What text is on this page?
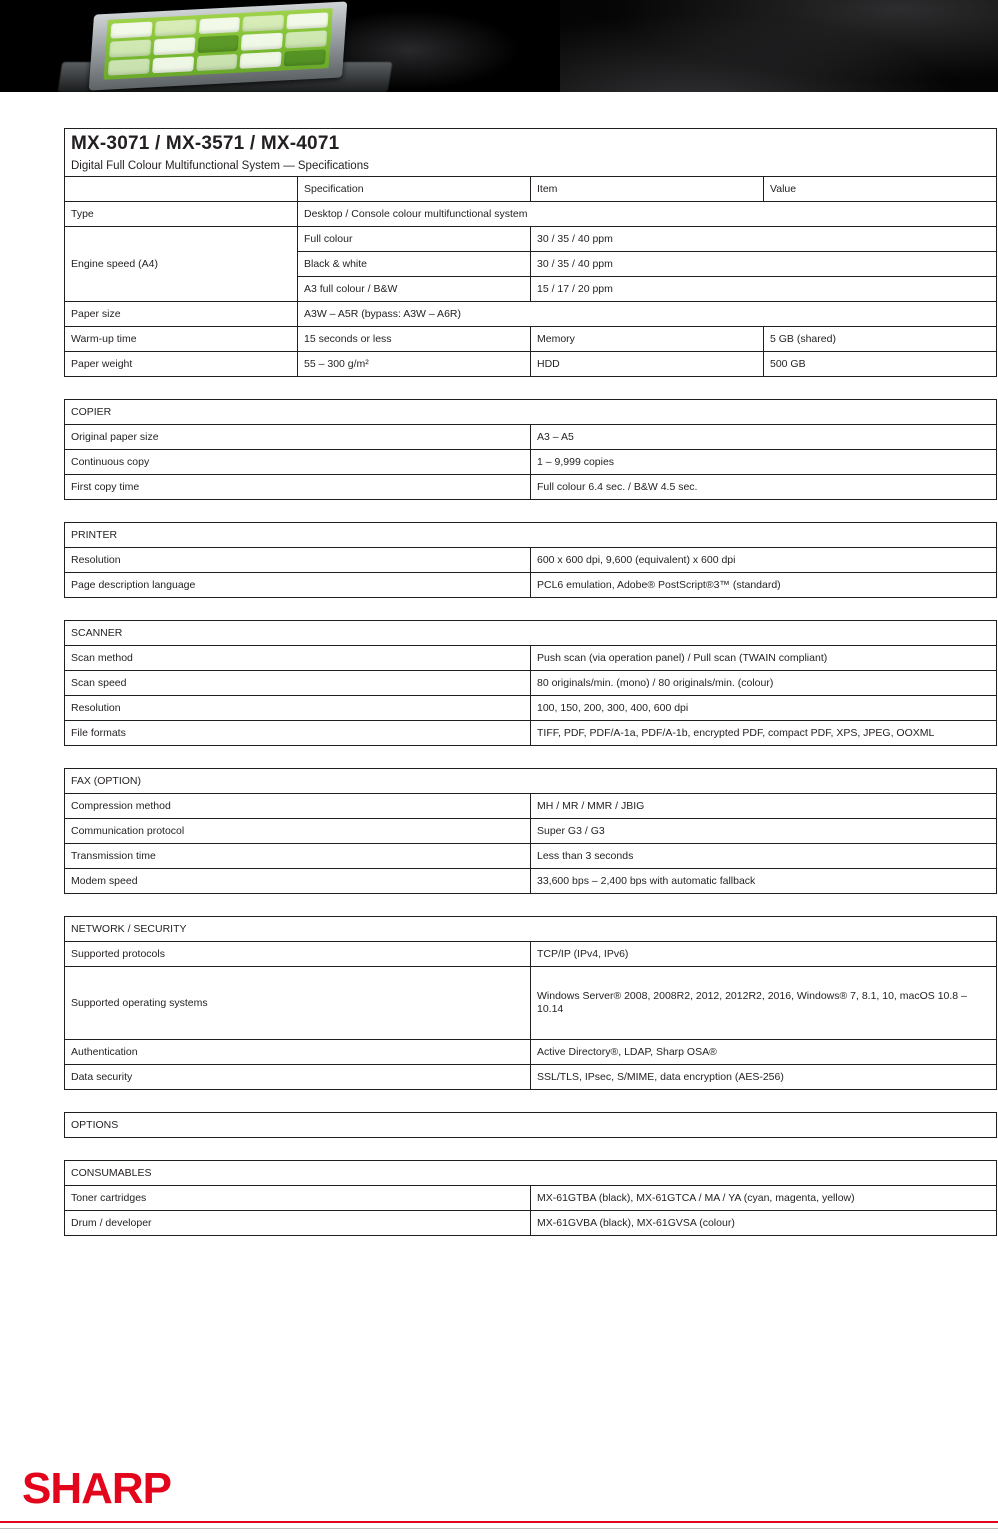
MX-3071 / MX-3571 / MX-4071
Digital Full Colour Multifunctional System — Specifications			

	Specification	Item	Value
Type	Desktop / Console colour multifunctional system		
Engine speed (A4)	Full colour	30 / 35 / 40 ppm	
	Black & white	30 / 35 / 40 ppm	
	A3 full colour / B&W	15 / 17 / 20 ppm	
Paper size	A3W – A5R (bypass: A3W – A6R)		
Warm-up time	15 seconds or less	Memory	5 GB (shared)
Paper weight	55 – 300 g/m²	HDD	500 GB
COPIER	
Original paper size	A3 – A5
Continuous copy	1 – 9,999 copies
First copy time	Full colour 6.4 sec. / B&W 4.5 sec.
PRINTER	
Resolution	600 x 600 dpi, 9,600 (equivalent) x 600 dpi
Page description language	PCL6 emulation, Adobe® PostScript®3™ (standard)
SCANNER	
Scan method	Push scan (via operation panel) / Pull scan (TWAIN compliant)
Scan speed	80 originals/min. (mono) / 80 originals/min. (colour)
Resolution	100, 150, 200, 300, 400, 600 dpi
File formats	TIFF, PDF, PDF/A-1a, PDF/A-1b, encrypted PDF, compact PDF, XPS, JPEG, OOXML
FAX (OPTION)	
Compression method	MH / MR / MMR / JBIG
Communication protocol	Super G3 / G3
Transmission time	Less than 3 seconds
Modem speed	33,600 bps – 2,400 bps with automatic fallback
NETWORK / SECURITY	
Supported protocols	TCP/IP (IPv4, IPv6)
Supported operating systems	Windows Server® 2008, 2008R2, 2012, 2012R2, 2016, Windows® 7, 8.1, 10, macOS 10.8 – 10.14
Authentication	Active Directory®, LDAP, Sharp OSA®
Data security	SSL/TLS, IPsec, S/MIME, data encryption (AES-256)
OPTIONS
CONSUMABLES	
Toner cartridges	MX-61GTBA (black), MX-61GTCA / MA / YA (cyan, magenta, yellow)
Drum / developer	MX-61GVBA (black), MX-61GVSA (colour)
SHARP
